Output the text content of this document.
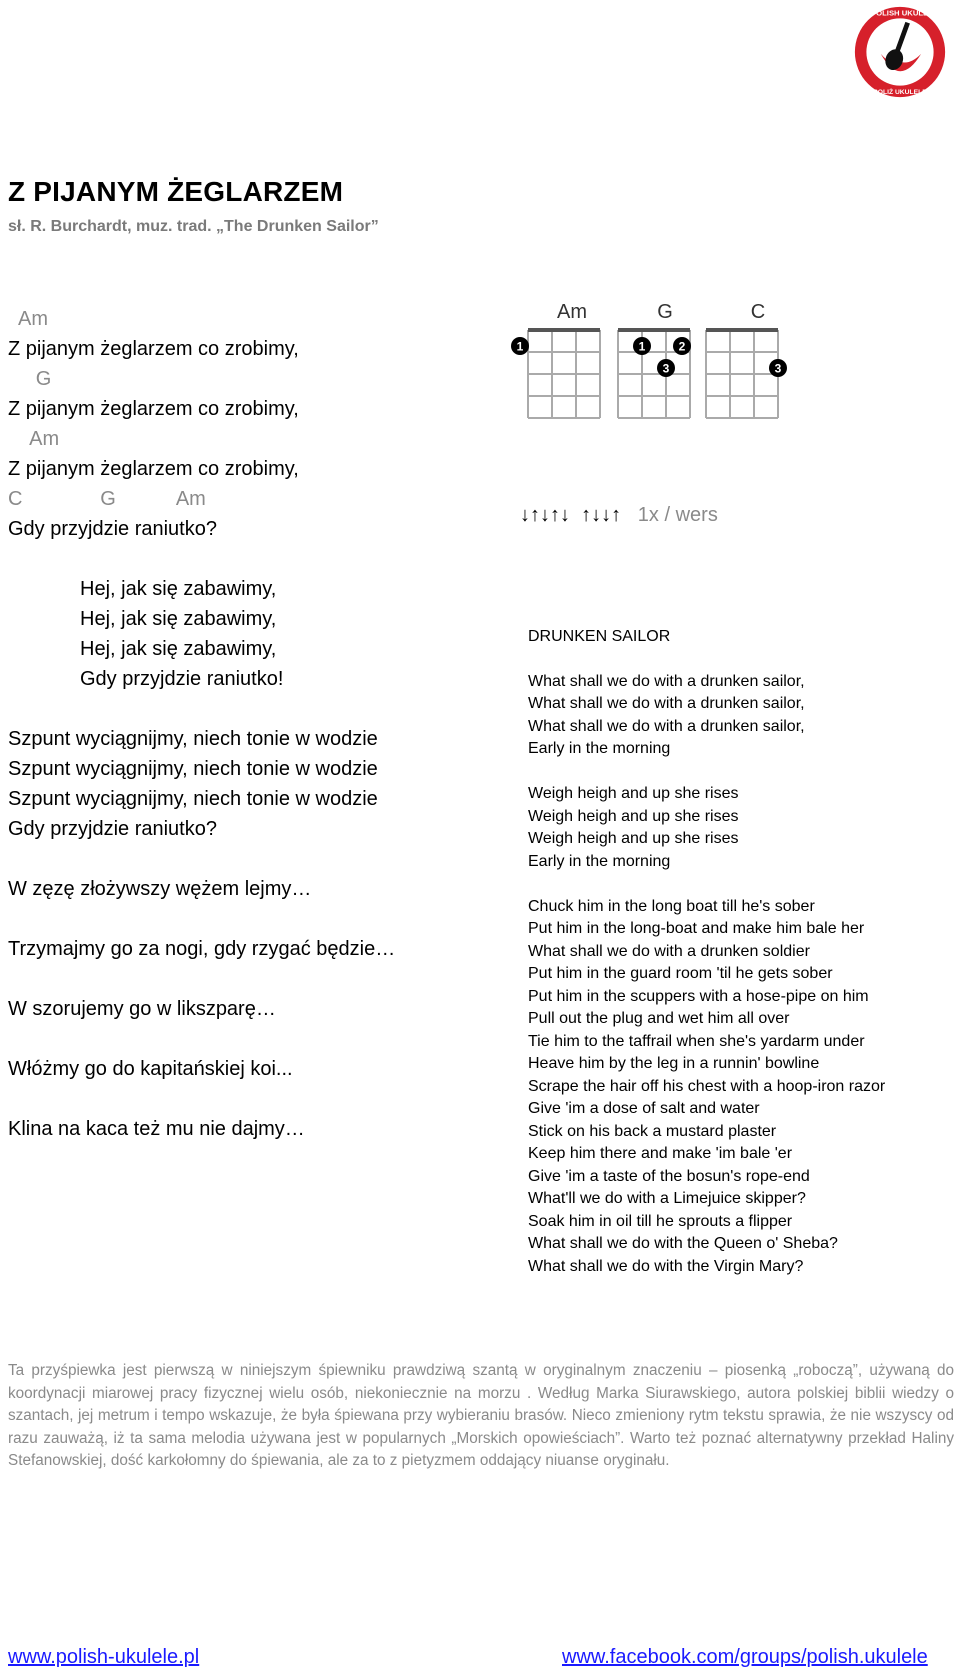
★ POLISH UKULELE
POLIŻ UKULELE
Z PIJANYM ŻEGLARZEM
sł. R. Burchardt, muz. trad. „The Drunken Sailor”
Am
Z pijanym żeglarzem co zrobimy,
G
Z pijanym żeglarzem co zrobimy,
Am
Z pijanym żeglarzem co zrobimy,
C              G           Am
Gdy przyjdzie raniutko?
Hej, jak się zabawimy,
Hej, jak się zabawimy,
Hej, jak się zabawimy,
Gdy przyjdzie raniutko!
Szpunt wyciągnijmy, niech tonie w wodzie
Szpunt wyciągnijmy, niech tonie w wodzie
Szpunt wyciągnijmy, niech tonie w wodzie
Gdy przyjdzie raniutko?
W zęzę złożywszy wężem lejmy…
Trzymajmy go za nogi, gdy rzygać będzie…
W szorujemy go w likszparę…
Włóżmy go do kapitańskiej koi...
Klina na kaca też mu nie dajmy…
Am	G	C
1	1	2
3	3
↓↑↓↑↓  ↑↓↓↑ 1x / wers
DRUNKEN SAILOR
What shall we do with a drunken sailor,
What shall we do with a drunken sailor,
What shall we do with a drunken sailor,
Early in the morning
Weigh heigh and up she rises
Weigh heigh and up she rises
Weigh heigh and up she rises
Early in the morning
Chuck him in the long boat till he's sober
Put him in the long-boat and make him bale her
What shall we do with a drunken soldier
Put him in the guard room 'til he gets sober
Put him in the scuppers with a hose-pipe on him
Pull out the plug and wet him all over
Tie him to the taffrail when she's yardarm under
Heave him by the leg in a runnin' bowline
Scrape the hair off his chest with a hoop-iron razor
Give 'im a dose of salt and water
Stick on his back a mustard plaster
Keep him there and make 'im bale 'er
Give 'im a taste of the bosun's rope-end
What'll we do with a Limejuice skipper?
Soak him in oil till he sprouts a flipper
What shall we do with the Queen o' Sheba?
What shall we do with the Virgin Mary?
Ta przyśpiewka jest pierwszą w niniejszym śpiewniku prawdziwą szantą w oryginalnym znaczeniu – piosenką „roboczą”, używaną do koordynacji miarowej pracy fizycznej wielu osób, niekoniecznie na morzu . Według Marka Siurawskiego, autora polskiej biblii wiedzy o szantach, jej metrum i tempo wskazuje, że była śpiewana przy wybieraniu brasów. Nieco zmieniony rytm tekstu sprawia, że nie wszyscy od razu zauważą, iż ta sama melodia używana jest w popularnych „Morskich opowieściach”. Warto też poznać alternatywny przekład Haliny Stefanowskiej, dość karkołomny do śpiewania, ale za to z pietyzmem oddający niuanse oryginału.
www.polish-ukulele.pl	www.facebook.com/groups/polish.ukulele
